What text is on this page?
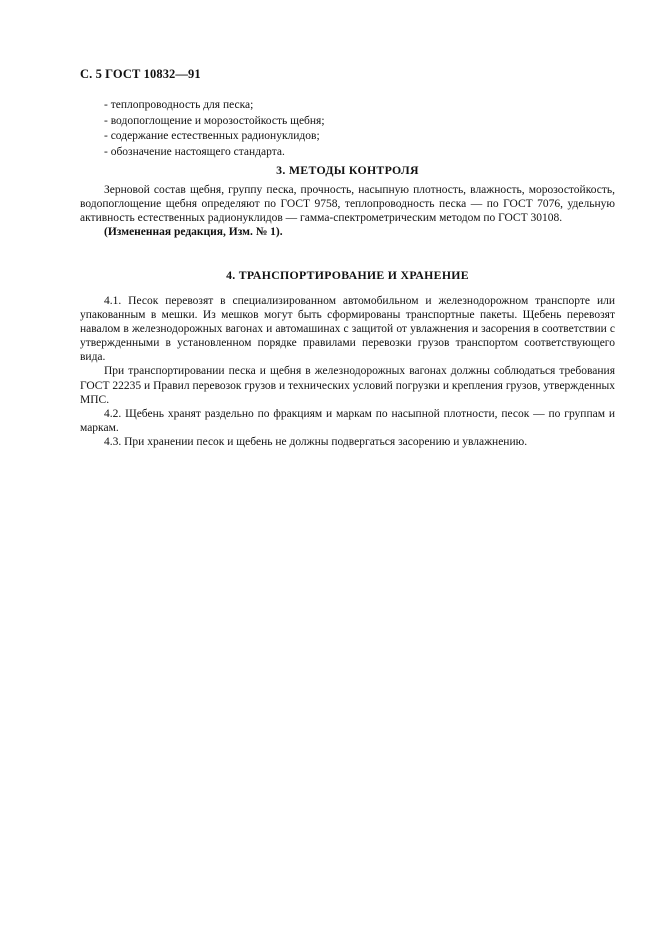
С. 5 ГОСТ 10832—91
- теплопроводность для песка;
- водопоглощение и морозостойкость щебня;
- содержание естественных радионуклидов;
- обозначение настоящего стандарта.
3. МЕТОДЫ КОНТРОЛЯ

Зерновой состав щебня, группу песка, прочность, насыпную плотность, влажность, морозостойкость, водопоглощение щебня определяют по ГОСТ 9758, теплопроводность песка — по ГОСТ 7076, удельную активность естественных радионуклидов — гамма-спектрометрическим методом по ГОСТ 30108.

(Измененная редакция, Изм. № 1).

4. ТРАНСПОРТИРОВАНИЕ И ХРАНЕНИЕ

4.1. Песок перевозят в специализированном автомобильном и железнодорожном транспорте или упакованным в мешки. Из мешков могут быть сформированы транспортные пакеты. Щебень перевозят навалом в железнодорожных вагонах и автомашинах с защитой от увлажнения и засорения в соответствии с утвержденными в установленном порядке правилами перевозки грузов транспортом соответствующего вида.

При транспортировании песка и щебня в железнодорожных вагонах должны соблюдаться требования ГОСТ 22235 и Правил перевозок грузов и технических условий погрузки и крепления грузов, утвержденных МПС.

4.2. Щебень хранят раздельно по фракциям и маркам по насыпной плотности, песок — по группам и маркам.

4.3. При хранении песок и щебень не должны подвергаться засорению и увлажнению.
